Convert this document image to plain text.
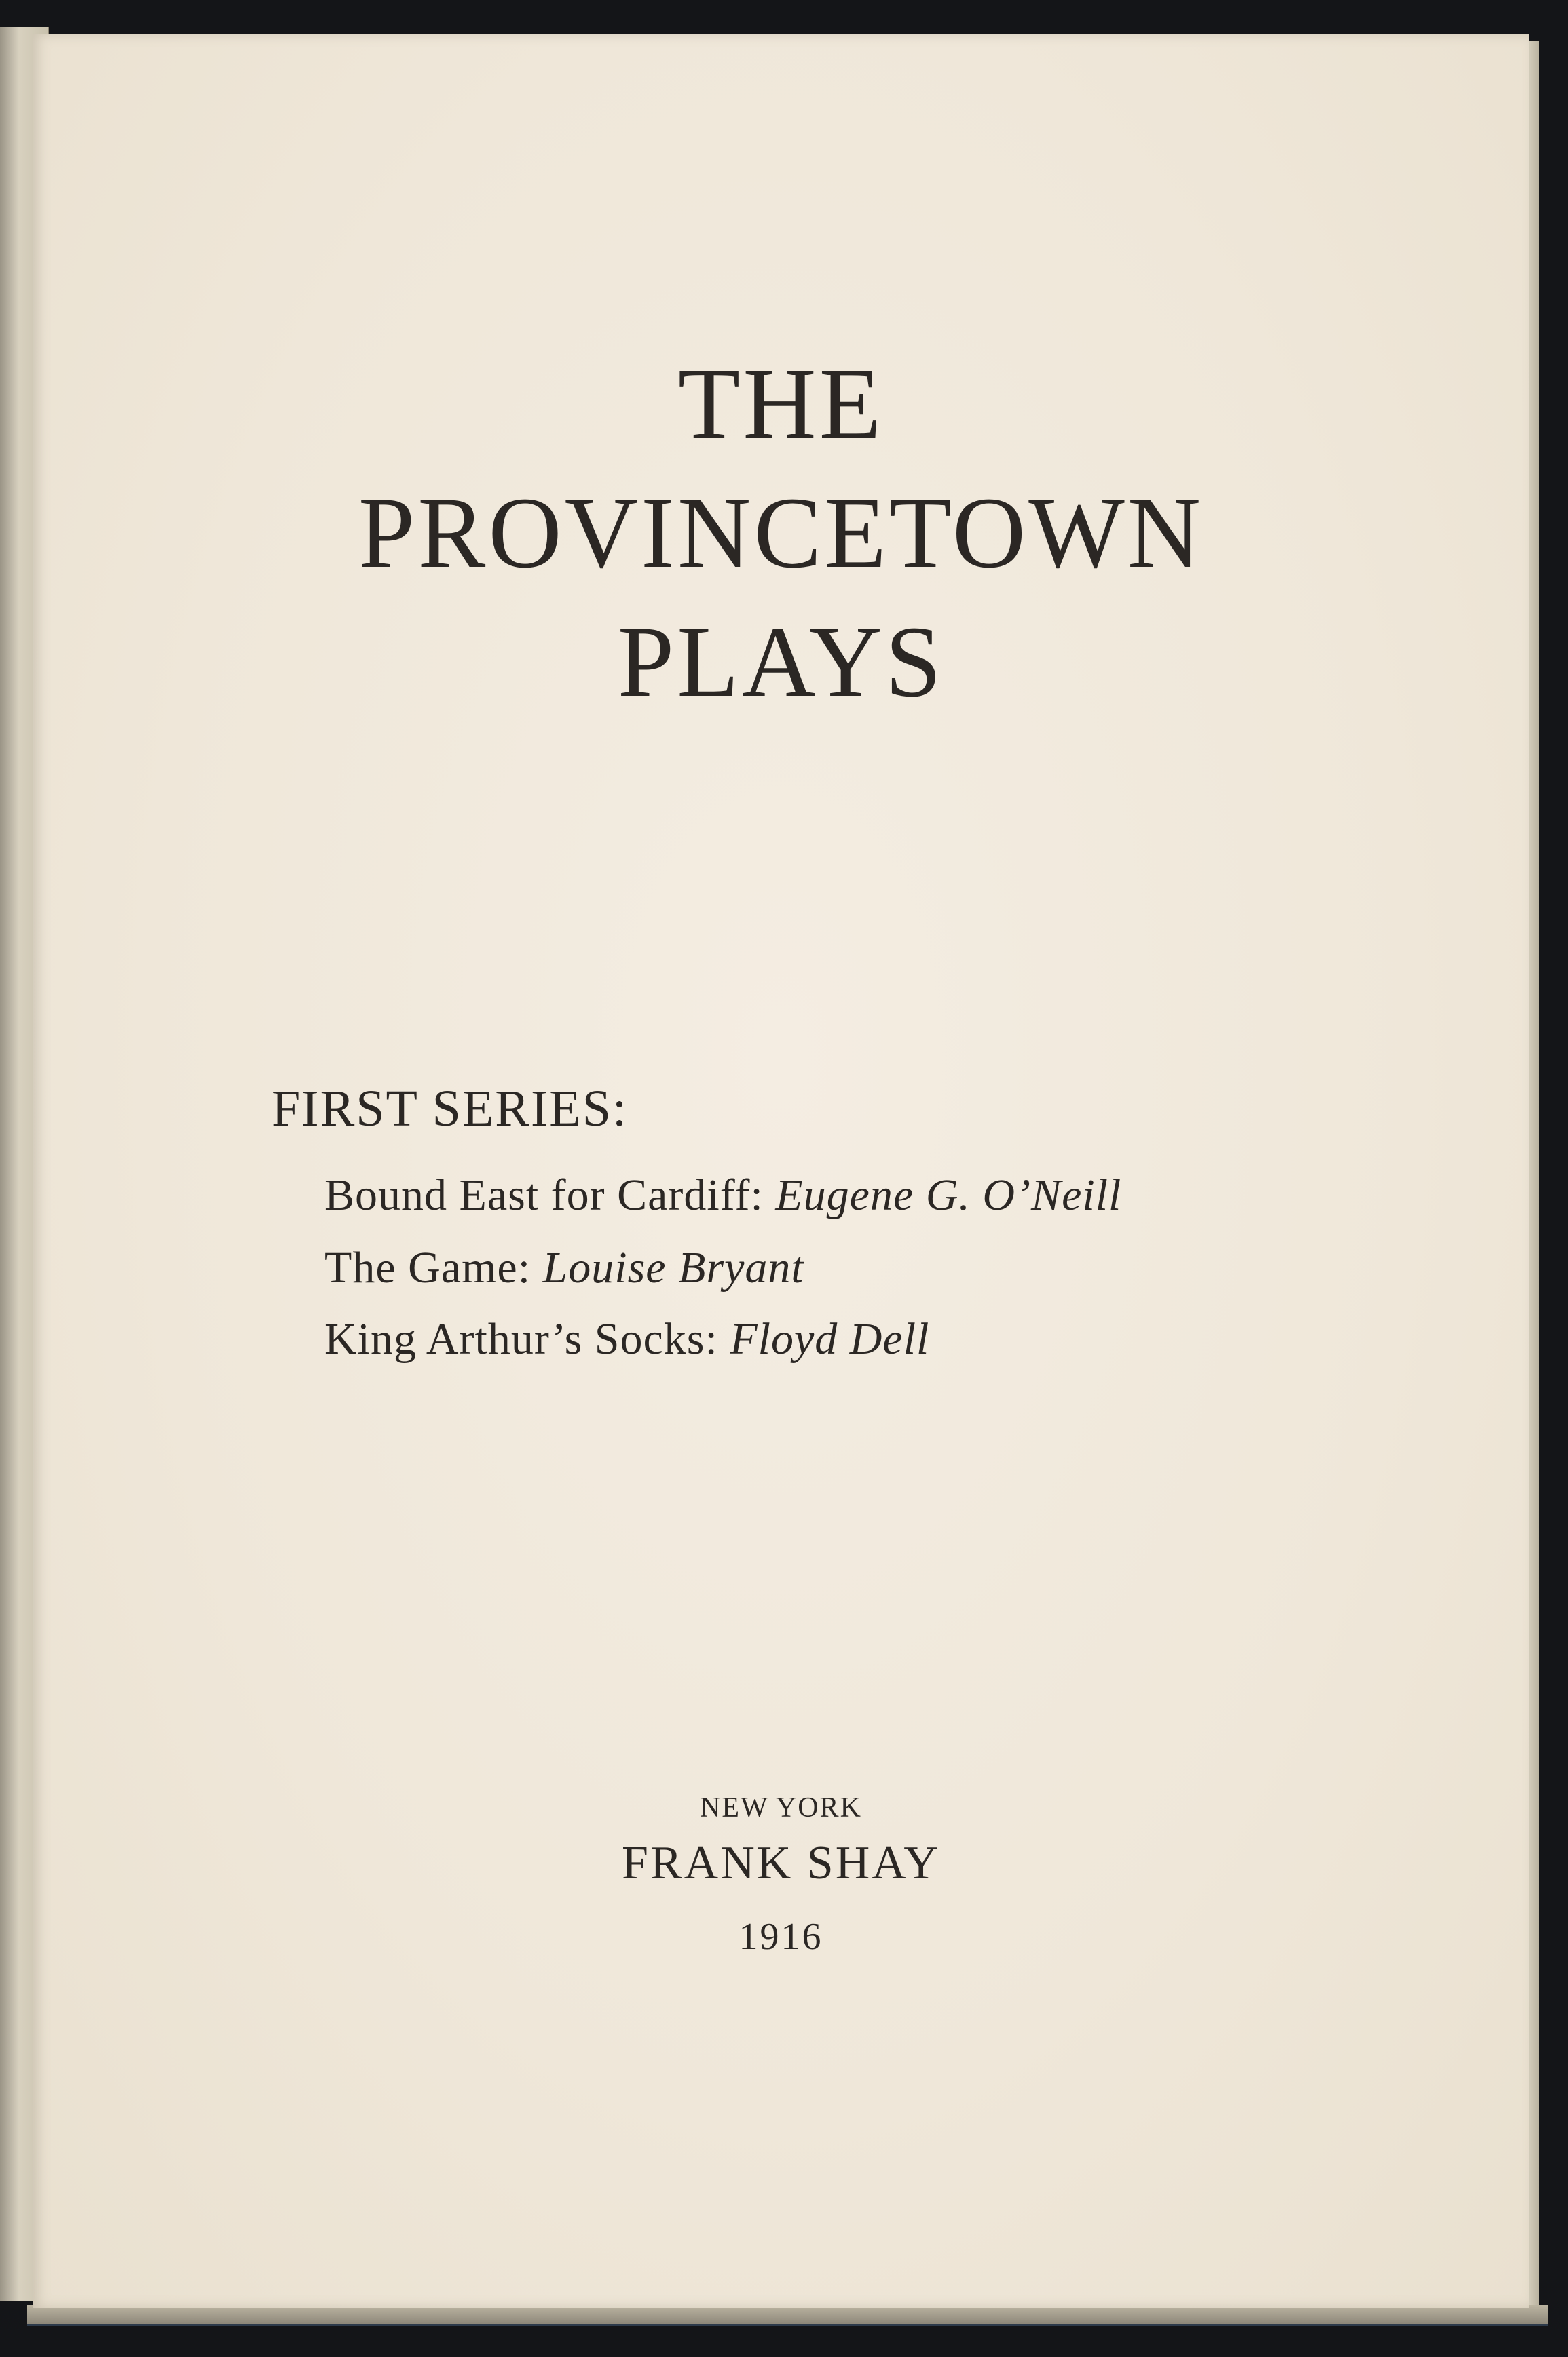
THE
PROVINCETOWN
PLAYS
FIRST SERIES:
Bound East for Cardiff: Eugene G. O’Neill
The Game: Louise Bryant
King Arthur’s Socks: Floyd Dell
NEW YORK
FRANK SHAY
1916
